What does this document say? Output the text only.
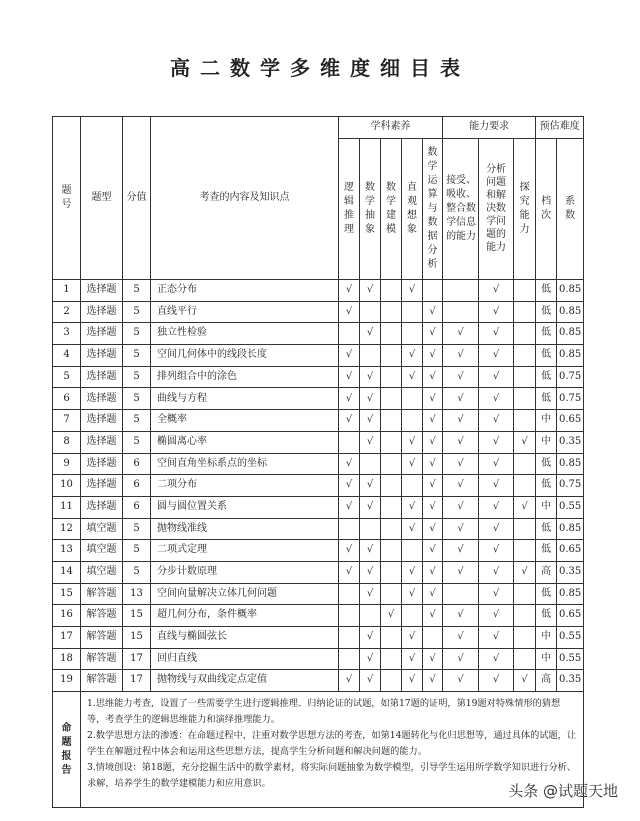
高二数学多维度细目表
题号	题型	分值	考查的内容及知识点	学科素养					能力要求			预估难度	
				逻辑推理	数学抽象	数学建模	直观想象	数学运算与数据分析	接受、吸收、整合数学信息的能力	分析问题和解决数学问题的能力	探究能力	档次	系数
1	选择题	5	正态分布	√	√		√			√		低	0.85
2	选择题	5	直线平行	√				√		√		低	0.85
3	选择题	5	独立性检验		√			√	√	√		低	0.85
4	选择题	5	空间几何体中的线段长度	√			√	√	√	√		低	0.85
5	选择题	5	排列组合中的涂色	√	√		√	√	√	√		低	0.75
6	选择题	5	曲线与方程	√	√			√	√	√		低	0.75
7	选择题	5	全概率	√	√			√	√	√		中	0.65
8	选择题	5	椭圆离心率		√		√	√	√	√	√	中	0.35
9	选择题	6	空间直角坐标系点的坐标	√			√	√	√	√		低	0.85
10	选择题	6	二项分布	√	√			√	√	√		低	0.75
11	选择题	6	圆与圆位置关系	√	√		√	√	√	√	√	中	0.55
12	填空题	5	抛物线准线				√	√	√	√		低	0.85
13	填空题	5	二项式定理	√	√			√	√	√		低	0.65
14	填空题	5	分步计数原理	√	√		√	√	√	√	√	高	0.35
15	解答题	13	空间向量解决立体几何问题		√		√	√		√		低	0.85
16	解答题	15	超几何分布，条件概率			√		√	√	√		低	0.65
17	解答题	15	直线与椭圆弦长		√		√		√	√		中	0.55
18	解答题	17	回归直线		√		√	√	√	√		中	0.55
19	解答题	17	抛物线与双曲线定点定值	√	√		√	√	√	√	√	高	0.35
命题报告	1.思维能力考查，设置了一些需要学生进行逻辑推理、归纳论证的试题，如第17题的证明，第19题对特殊情形的猜想等，考查学生的逻辑思维能力和演绎推理能力。
2.数学思想方法的渗透：在命题过程中，注重对数学思想方法的考查，如第14题转化与化归思想等，通过具体的试题，让学生在解题过程中体会和运用这些思想方法，提高学生分析问题和解决问题的能力。
3.情境创设：第18题，充分挖掘生活中的数学素材，将实际问题抽象为数学模型，引导学生运用所学数学知识进行分析、求解，培养学生的数学建模能力和应用意识。													头条 @试题天地
